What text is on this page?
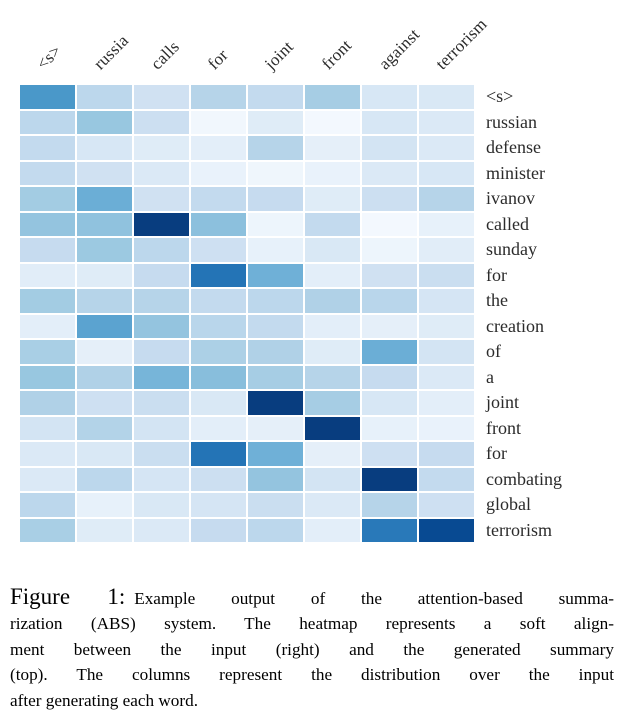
<s> russia calls for joint front against terrorism
<s>
russian
defense
minister
ivanov
called
sunday
for
the
creation
of
a
joint
front
for
combating
global
terrorism
Figure 1: Example output of the attention-based summa-
rization (ABS) system. The heatmap represents a soft align-
ment between the input (right) and the generated summary
(top). The columns represent the distribution over the input
after generating each word.
